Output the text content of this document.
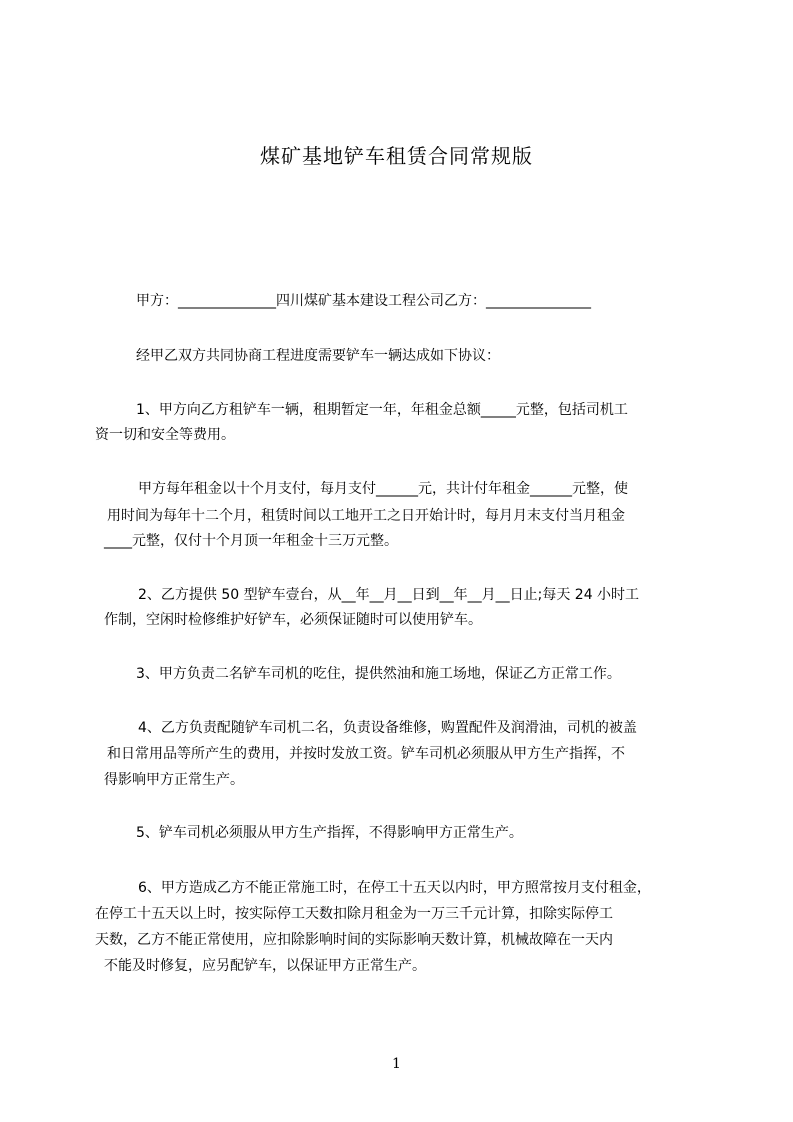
煤矿基地铲车租赁合同常规版
甲方：______________四川煤矿基本建设工程公司乙方：_______________
经甲乙双方共同协商工程进度需要铲车一辆达成如下协议：
1、甲方向乙方租铲车一辆，租期暂定一年，年租金总额_____元整，包括司机工
资一切和安全等费用。
甲方每年租金以十个月支付，每月支付______元，共计付年租金______元整，使
用时间为每年十二个月，租赁时间以工地开工之日开始计时，每月月末支付当月租金
____元整，仅付十个月顶一年租金十三万元整。
2、乙方提供 50 型铲车壹台，从__年__月__日到__年__月__日止;每天 24 小时工
作制，空闲时检修维护好铲车，必须保证随时可以使用铲车。
3、甲方负责二名铲车司机的吃住，提供然油和施工场地，保证乙方正常工作。
4、乙方负责配随铲车司机二名，负责设备维修，购置配件及润滑油，司机的被盖
和日常用品等所产生的费用，并按时发放工资。铲车司机必须服从甲方生产指挥，不
得影响甲方正常生产。
5、铲车司机必须服从甲方生产指挥，不得影响甲方正常生产。
6、甲方造成乙方不能正常施工时，在停工十五天以内时，甲方照常按月支付租金，
在停工十五天以上时，按实际停工天数扣除月租金为一万三千元计算，扣除实际停工
天数，乙方不能正常使用，应扣除影响时间的实际影响天数计算，机械故障在一天内
不能及时修复，应另配铲车，以保证甲方正常生产。
1
